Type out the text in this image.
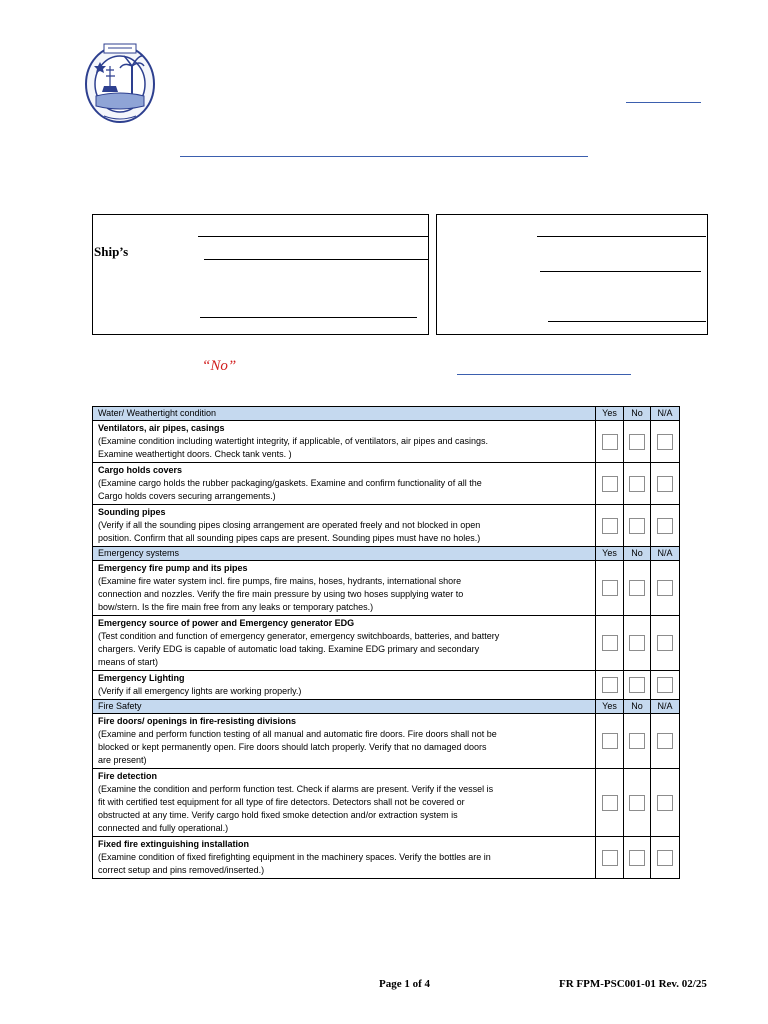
Ship’s
“No”
Water/ Weathertight condition	Yes	No	N/A

Ventilators, air pipes, casings
(Examine condition including watertight integrity, if applicable, of ventilators, air pipes and casings.
Examine weathertight doors. Check tank vents. )			

Cargo holds covers
(Examine cargo holds the rubber packaging/gaskets. Examine and confirm functionality of all the
Cargo holds covers securing arrangements.)			

Sounding pipes
(Verify if all the sounding pipes closing arrangement are operated freely and not blocked in open
position. Confirm that all sounding pipes caps are present. Sounding pipes must have no holes.)			

Emergency systems	Yes	No	N/A

Emergency fire pump and its pipes
(Examine fire water system incl. fire pumps, fire mains, hoses, hydrants, international shore
connection and nozzles. Verify the fire main pressure by using two hoses supplying water to
bow/stern. Is the fire main free from any leaks or temporary patches.)			

Emergency source of power and Emergency generator EDG
(Test condition and function of emergency generator, emergency switchboards, batteries, and battery
chargers. Verify EDG is capable of automatic load taking. Examine EDG primary and secondary
means of start)			

Emergency Lighting
(Verify if all emergency lights are working properly.)			

Fire Safety	Yes	No	N/A

Fire doors/ openings in fire-resisting divisions
(Examine and perform function testing of all manual and automatic fire doors. Fire doors shall not be
blocked or kept permanently open. Fire doors should latch properly. Verify that no damaged doors
are present)			

Fire detection
(Examine the condition and perform function test. Check if alarms are present. Verify if the vessel is
fit with certified test equipment for all type of fire detectors. Detectors shall not be covered or
obstructed at any time. Verify cargo hold fixed smoke detection and/or extraction system is
connected and fully operational.)			

Fixed fire extinguishing installation
(Examine condition of fixed firefighting equipment in the machinery spaces. Verify the bottles are in
correct setup and pins removed/inserted.)			

Page 1 of 4	FR FPM-PSC001-01 Rev. 02/25
